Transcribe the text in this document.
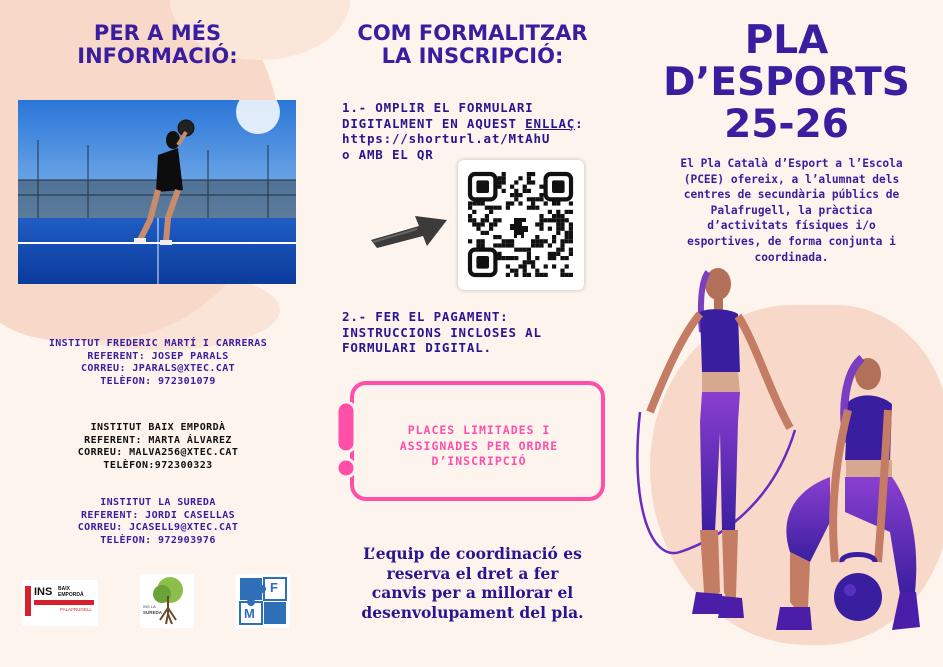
PER A MÉS
INFORMACIÓ:
INSTITUT FREDERIC MARTÍ I CARRERAS
REFERENT: JOSEP PARALS
CORREU: JPARALS@XTEC.CAT
TELÈFON: 972301079
INSTITUT BAIX EMPORDÀ
REFERENT: MARTA ÁLVAREZ
CORREU: MALVA256@XTEC.CAT
TELÈFON:972300323
INSTITUT LA SUREDA
REFERENT: JORDI CASELLAS
CORREU: JCASELL9@XTEC.CAT
TELÈFON: 972903976
INS BAIX
EMPORDÀ
PALAFRUGELL
INS LA
SUREDA
F
M
COM FORMALITZAR
LA INSCRIPCIÓ:
1.- OMPLIR EL FORMULARI
DIGITALMENT EN AQUEST ENLLAÇ:
https://shorturl.at/MtAhU
o AMB EL QR
2.- FER EL PAGAMENT:
INSTRUCCIONS INCLOSES AL
FORMULARI DIGITAL.
PLACES LIMITADES I
ASSIGNADES PER ORDRE
D’INSCRIPCIÓ
L’equip de coordinació es
reserva el dret a fer
canvis per a millorar el
desenvolupament del pla.
PLA
D’ESPORTS
25-26
El Pla Català d’Esport a l’Escola
(PCEE) ofereix, a l’alumnat dels
centres de secundària públics de
Palafrugell, la pràctica
d’activitats físiques i/o
esportives, de forma conjunta i
coordinada.
